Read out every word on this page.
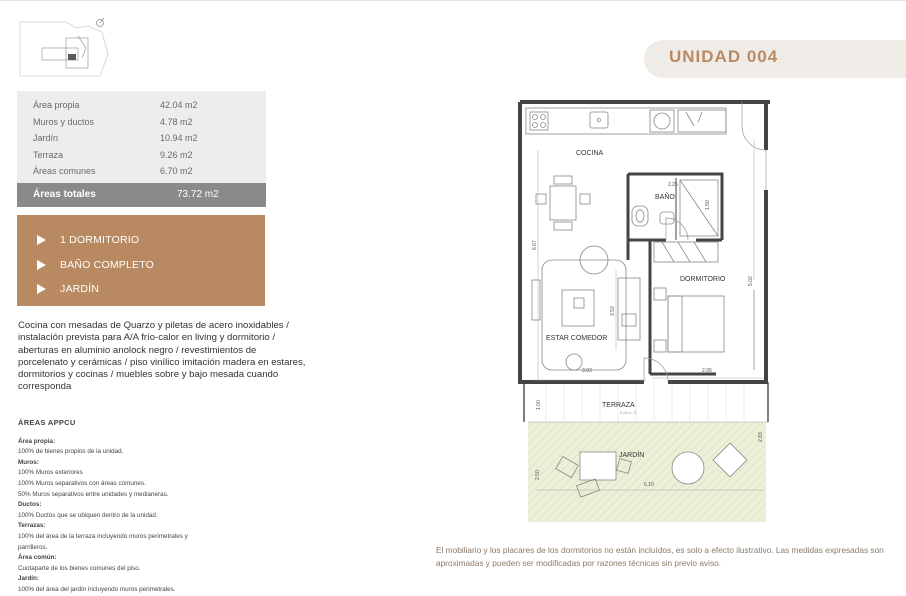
Área propia	42.04 m2
Muros y ductos	4.78 m2
Jardín	10.94 m2
Terraza	9.26 m2
Áreas comunes	6.70 m2
Áreas totales	73.72 m2
1 DORMITORIO
BAÑO COMPLETO
JARDÍN

Cocina con mesadas de Quarzo y piletas de acero inoxidables / instalación prevista para A/A frío-calor en living y dormitorio / aberturas en aluminio anolock negro / revestimientos de porcelenato y cerámicas / piso vinílico imitación madera en estares, dormitorios y cocinas / muebles sobre y bajo mesada cuando corresponda

ÁREAS APPCU
Área propia:
100% de bienes propios de la unidad.
Muros:
100% Muros exteriores
100% Muros separativos con áreas comunes.
50% Muros separativos entre unidades y medianeras.
Ductos:
100% Ductos que se ubiquen dentro de la unidad.
Terrazas:
100% del área de la terraza incluyendo muros perimetrales y parrilleros.
Área común:
Cuotaparte de los bienes comunes del piso.
Jardín:
100% del área del jardín incluyendo muros perimetrales.
UNIDAD 004
COCINA
BAÑO
DORMITORIO
ESTAR COMEDOR
TERRAZA
JARDÍN
6.10x/1.70
2.25
1.50
6.67
5.02
3.53
3.03	2.95
1.00
2.83
2.50
6.10

El mobiliario y los placares de los dormitorios no están incluídos, es solo a efecto ilustrativo. Las medidas expresadas son aproximadas y pueden ser modificadas por razones técnicas sin previo aviso.
